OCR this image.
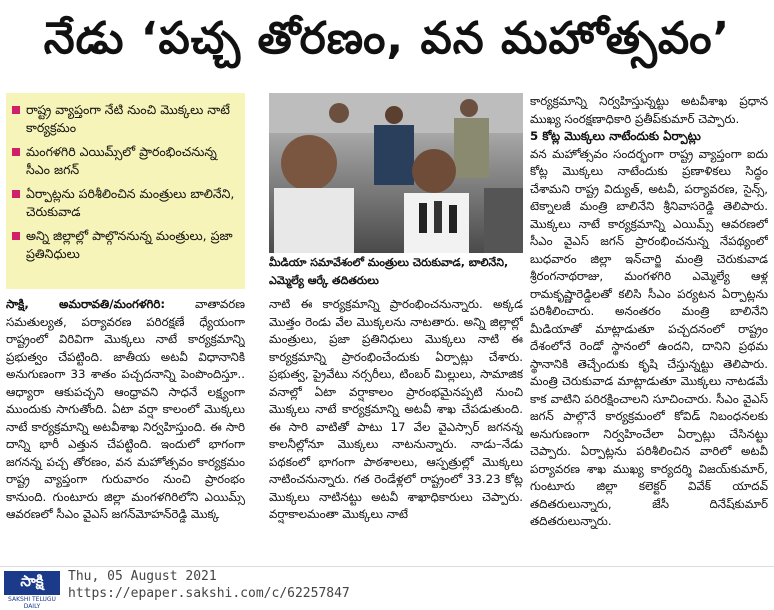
నేడు ‘పచ్చ తోరణం, వన మహోత్సవం’
రాష్ట్ర వ్యాప్తంగా నేటి నుంచి మొక్కలు నాటే కార్యక్రమం
మంగళగిరి ఎయిమ్స్‌లో ప్రారంభించనున్న సీఎం జగన్‌
ఏర్పాట్లను పరిశీలించిన మంత్రులు బాలినేని, చెరుకువాడ
అన్ని జిల్లాల్లో పాల్గొననున్న మంత్రులు, ప్రజా ప్రతినిధులు
మీడియా సమావేశంలో మంత్రులు చెరుకువాడ, బాలినేని, ఎమ్మెల్యే ఆర్కే తదితరులు

సాక్షి, అమరావతి/మంగళగిరి:	వాతావరణ సమతుల్యత, పర్యావరణ పరిరక్షణే ధ్యేయంగా రాష్ట్రంలో విరివిగా మొక్కలు నాటే కార్యక్రమాన్ని ప్రభుత్వం చేపట్టింది. జాతీయ అటవీ విధానానికి అనుగుణంగా 33 శాతం పచ్చదనాన్ని పెంపొందిస్తూ.. ఆధ్యారా ఆకుపచ్చని ఆంధ్రావని సాధనే లక్ష్యంగా ముందుకు సాగుతోంది. ఏటా వర్షా కాలంలో మొక్కలు నాటే కార్యక్రమాన్ని అటవీశాఖ నిర్వహిస్తుంది. ఈ సారి దాన్ని భారీ ఎత్తున చేపట్టింది. ఇందులో భాగంగా జగనన్న పచ్చ తోరణం, వన మహోత్సవం కార్యక్రమం రాష్ట్ర వ్యాప్తంగా గురువారం నుంచి ప్రారంభం కానుంది. గుంటూరు జిల్లా మంగళగిరిలోని ఎయిమ్స్‌ ఆవరణలో సీఎం వైఎస్‌ జగన్‌మోహన్‌రెడ్డి మొక్క

నాటి ఈ కార్యక్రమాన్ని ప్రారంభించనున్నారు. అక్కడ మొత్తం రెండు వేల మొక్కలను నాటతారు. అన్ని జిల్లాల్లో మంత్రులు, ప్రజా ప్రతినిధులు మొక్కలు నాటి ఈ కార్యక్రమాన్ని ప్రారంభించేందుకు ఏర్పాట్లు చేశారు. ప్రభుత్వ, ప్రైవేటు నర్సరీలు, టింబర్‌ మిల్లులు, సామాజిక వనాల్లో ఏటా వర్షాకాలం ప్రారంభమైనప్పటి నుంచి మొక్కలు నాటే కార్యక్రమాన్ని అటవీ శాఖ చేపడుతుంది. ఈ సారి వాటితో పాటు 17 వేల వైఎస్సార్‌ జగనన్న కాలనీల్లోనూ మొక్కలు నాటనున్నారు. నాడు–నేడు పథకంలో భాగంగా పాఠశాలలు, ఆస్పత్రుల్లో మొక్కలు నాటించనున్నారు. గత రెండేళ్లలో రాష్ట్రంలో 33.23 కోట్ల మొక్కలు నాటినట్టు అటవీ శాఖాధికారులు చెప్పారు. వర్షాకాలమంతా మొక్కలు నాటే

కార్యక్రమాన్ని నిర్వహిస్తున్నట్టు అటవీశాఖ ప్రధాన ముఖ్య సంరక్షణాధికారి ప్రతీప్‌కుమార్‌ చెప్పారు.

5 కోట్ల మొక్కలు నాటేందుకు ఏర్పాట్లు

వన మహోత్సవం సందర్భంగా రాష్ట్ర వ్యాప్తంగా ఐదు కోట్ల మొక్కలు నాటేందుకు ప్రణాళికలు సిద్ధం చేశామని రాష్ట్ర విద్యుత్‌, అటవీ, పర్యావరణ, సైన్స్‌, టెక్నాలజీ మంత్రి బాలినేని శ్రీనివాసరెడ్డి తెలిపారు. మొక్కలు నాటే కార్యక్రమాన్ని ఎయిమ్స్‌ ఆవరణలో సీఎం వైఎస్‌ జగన్‌ ప్రారంభించనున్న నేపథ్యంలో బుధవారం జిల్లా ఇన్‌చార్జి మంత్రి చెరుకువాడ శ్రీరంగనాథరాజు, మంగళగిరి ఎమ్మెల్యే ఆళ్ల రామకృష్ణారెడ్డిలతో కలిసి సీఎం పర్యటన ఏర్పాట్లను పరిశీలించారు. అనంతరం మంత్రి బాలినేని మీడియాతో మాట్లాడుతూ పచ్చదనంలో రాష్ట్రం దేశంలోనే రెండో స్థానంలో ఉందని, దానిని ప్రథమ స్థానానికి తెచ్చేందుకు కృషి చేస్తున్నట్టు తెలిపారు. మంత్రి చెరుకువాడ మాట్లాడుతూ మొక్కలు నాటడమే కాక వాటిని పరిరక్షించాలని సూచించారు. సీఎం వైఎస్‌ జగన్‌ పాల్గొనే కార్యక్రమంలో కోవిడ్‌ నిబంధనలకు అనుగుణంగా నిర్వహించేలా ఏర్పాట్లు చేసినట్టు చెప్పారు. ఏర్పాట్లను పరిశీలించిన వారిలో అటవీ పర్యావరణ శాఖ ముఖ్య కార్యదర్శి విజయ్‌కుమార్‌, గుంటూరు జిల్లా కలెక్టర్‌ వివేక్‌ యాదవ్‌ తదితరులున్నారు, జేసీ దినేష్‌కుమార్‌ తదితరులున్నారు.

సాక్షి
SAKSHI TELUGU DAILY
Thu, 05 August 2021
https://epaper.sakshi.com/c/62257847
